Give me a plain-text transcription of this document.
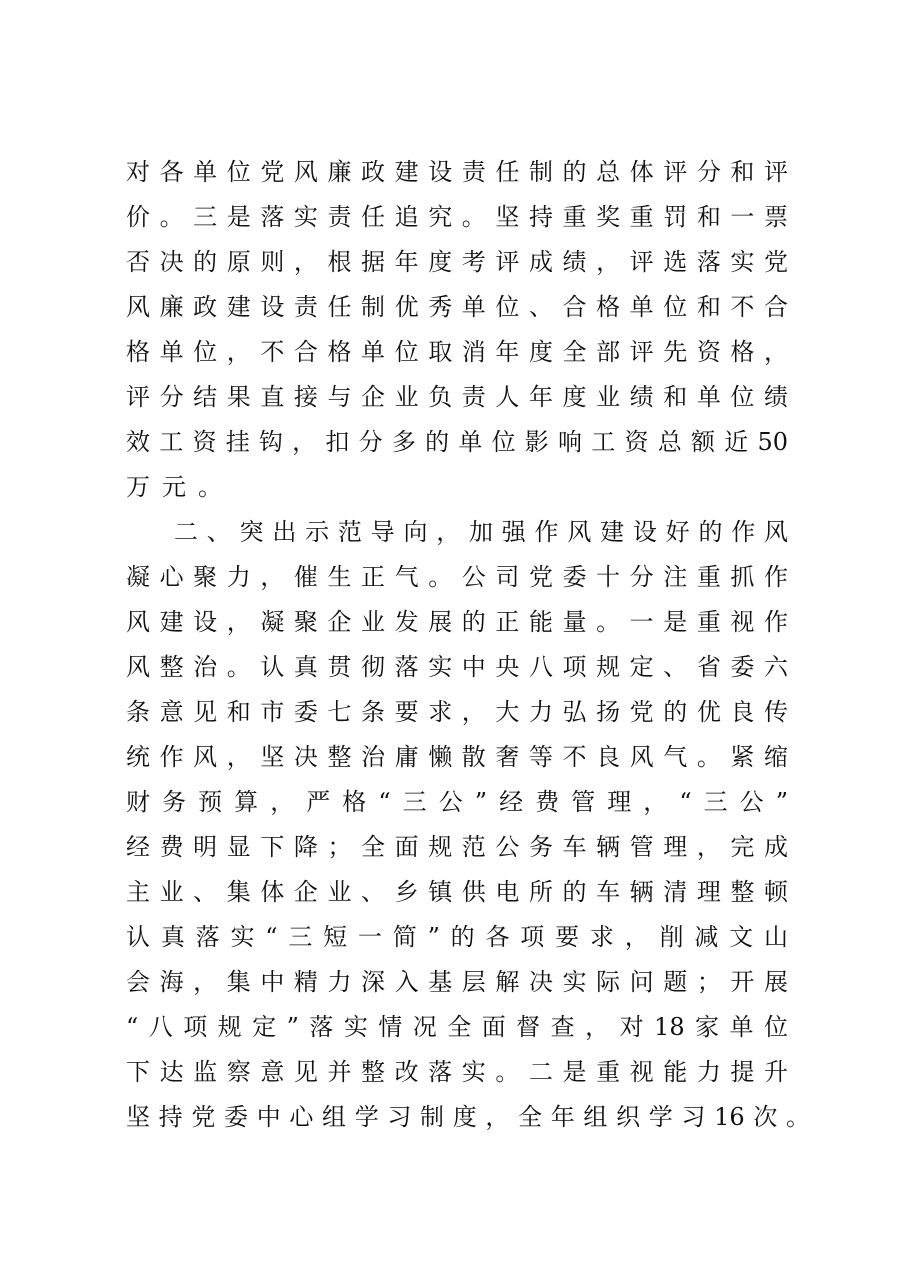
对各单位党风廉政建设责任制的总体评分和评
价。三是落实责任追究。坚持重奖重罚和一票
否决的原则，根据年度考评成绩，评选落实党
风廉政建设责任制优秀单位、合格单位和不合
格单位，不合格单位取消年度全部评先资格，
评分结果直接与企业负责人年度业绩和单位绩
效工资挂钩，扣分多的单位影响工资总额近50
万元。
二、突出示范导向，加强作风建设好的作风
凝心聚力，催生正气。公司党委十分注重抓作
风建设，凝聚企业发展的正能量。一是重视作
风整治。认真贯彻落实中央八项规定、省委六
条意见和市委七条要求，大力弘扬党的优良传
统作风，坚决整治庸懒散奢等不良风气。紧缩
财务预算，严格“三公”经费管理，“三公”
经费明显下降；全面规范公务车辆管理，完成
主业、集体企业、乡镇供电所的车辆清理整顿
认真落实“三短一简”的各项要求，削减文山
会海，集中精力深入基层解决实际问题；开展
“八项规定”落实情况全面督查，对18家单位
下达监察意见并整改落实。二是重视能力提升
坚持党委中心组学习制度，全年组织学习16次。
